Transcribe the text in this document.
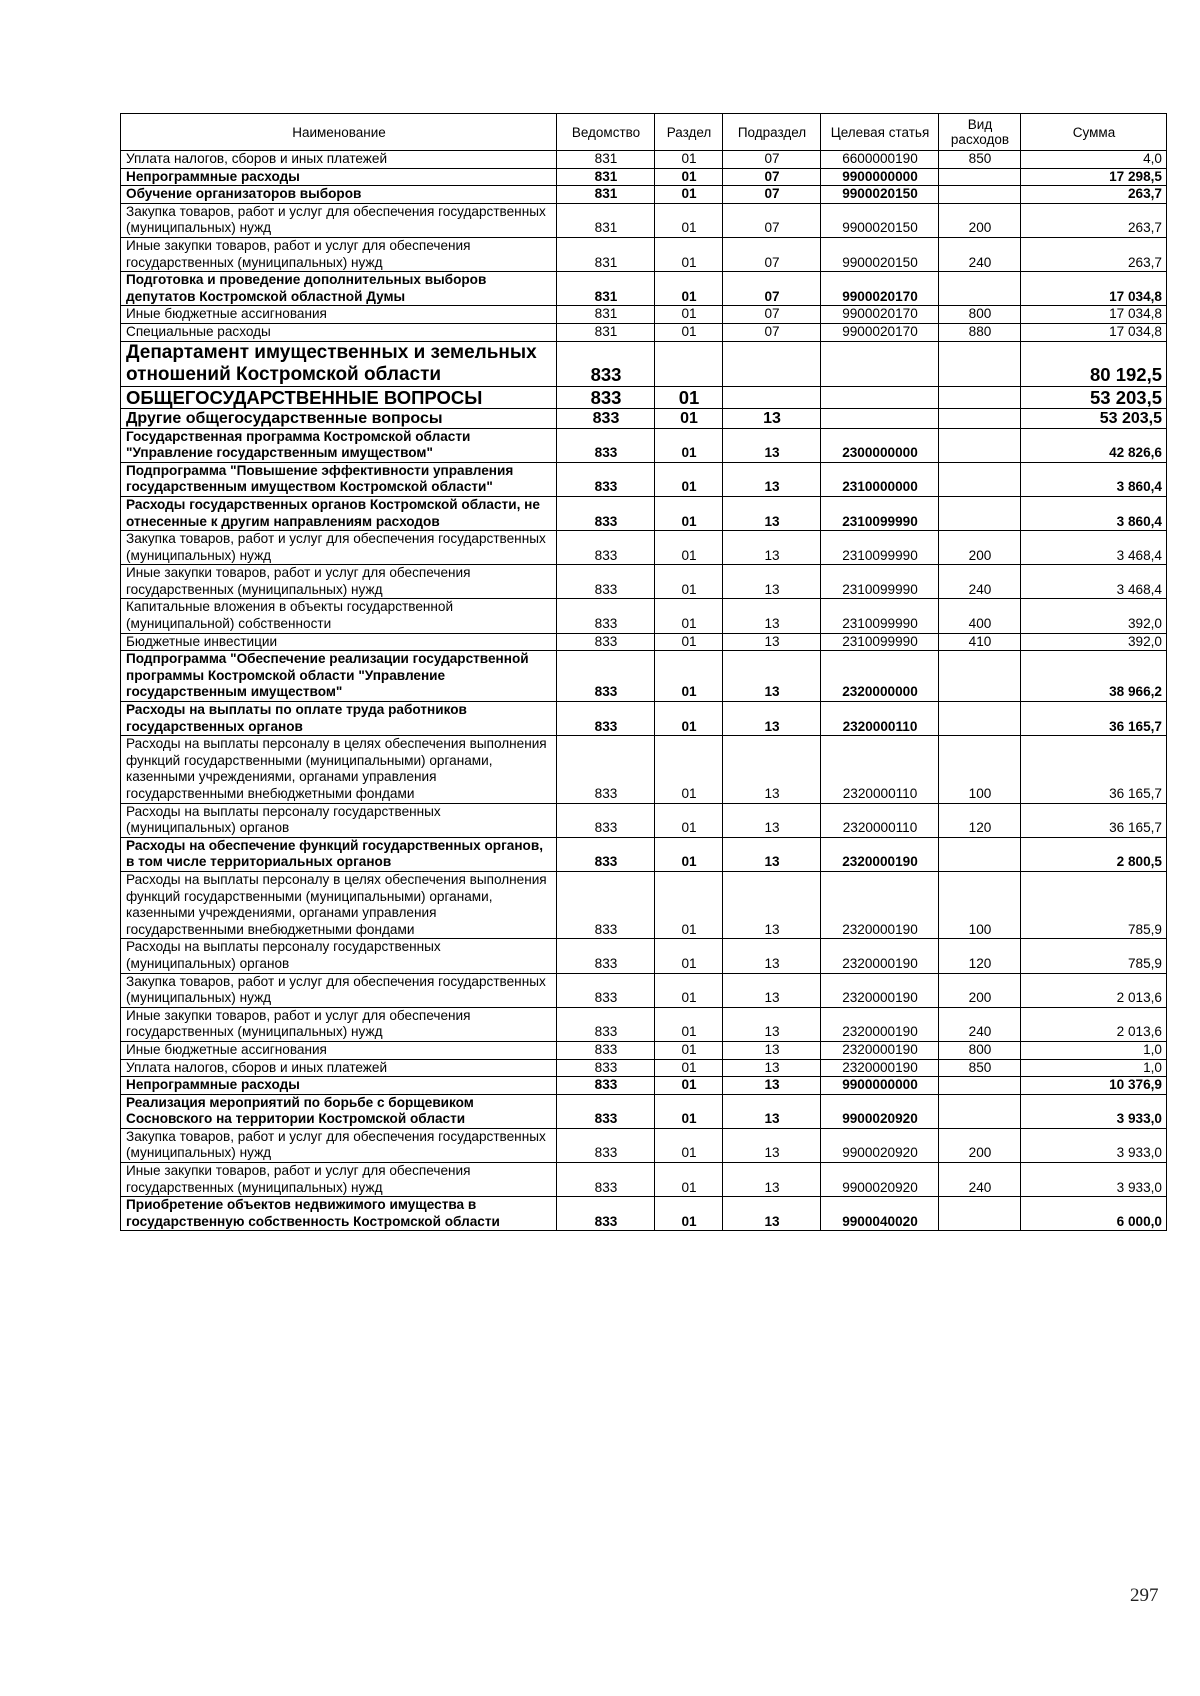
Наименование	Ведомство	Раздел	Подраздел	Целевая статья	Вид расходов	Сумма
Уплата налогов, сборов и иных платежей	831	01	07	6600000190	850	4,0
Непрограммные расходы	831	01	07	9900000000		17 298,5
Обучение организаторов выборов	831	01	07	9900020150		263,7
Закупка товаров, работ и услуг для обеспечения государственных (муниципальных) нужд	831	01	07	9900020150	200	263,7
Иные закупки товаров, работ и услуг для обеспечения государственных (муниципальных) нужд	831	01	07	9900020150	240	263,7
Подготовка и проведение дополнительных выборов депутатов Костромской областной Думы	831	01	07	9900020170		17 034,8
Иные бюджетные ассигнования	831	01	07	9900020170	800	17 034,8
Специальные расходы	831	01	07	9900020170	880	17 034,8
Департамент имущественных и земельных отношений Костромской области	833					80 192,5
ОБЩЕГОСУДАРСТВЕННЫЕ ВОПРОСЫ	833	01				53 203,5
Другие общегосударственные вопросы	833	01	13			53 203,5
Государственная программа Костромской области "Управление государственным имуществом"	833	01	13	2300000000		42 826,6
Подпрограмма "Повышение эффективности управления государственным имуществом Костромской области"	833	01	13	2310000000		3 860,4
Расходы государственных органов Костромской области, не отнесенные к другим направлениям расходов	833	01	13	2310099990		3 860,4
Закупка товаров, работ и услуг для обеспечения государственных (муниципальных) нужд	833	01	13	2310099990	200	3 468,4
Иные закупки товаров, работ и услуг для обеспечения государственных (муниципальных) нужд	833	01	13	2310099990	240	3 468,4
Капитальные вложения в объекты государственной (муниципальной) собственности	833	01	13	2310099990	400	392,0
Бюджетные инвестиции	833	01	13	2310099990	410	392,0
Подпрограмма "Обеспечение реализации государственной программы Костромской области "Управление государственным имуществом"	833	01	13	2320000000		38 966,2
Расходы на выплаты по оплате труда работников государственных органов	833	01	13	2320000110		36 165,7
Расходы на выплаты персоналу в целях обеспечения выполнения функций государственными (муниципальными) органами, казенными учреждениями, органами управления государственными внебюджетными фондами	833	01	13	2320000110	100	36 165,7
Расходы на выплаты персоналу государственных (муниципальных) органов	833	01	13	2320000110	120	36 165,7
Расходы на обеспечение функций государственных органов, в том числе территориальных органов	833	01	13	2320000190		2 800,5
Расходы на выплаты персоналу в целях обеспечения выполнения функций государственными (муниципальными) органами, казенными учреждениями, органами управления государственными внебюджетными фондами	833	01	13	2320000190	100	785,9
Расходы на выплаты персоналу государственных (муниципальных) органов	833	01	13	2320000190	120	785,9
Закупка товаров, работ и услуг для обеспечения государственных (муниципальных) нужд	833	01	13	2320000190	200	2 013,6
Иные закупки товаров, работ и услуг для обеспечения государственных (муниципальных) нужд	833	01	13	2320000190	240	2 013,6
Иные бюджетные ассигнования	833	01	13	2320000190	800	1,0
Уплата налогов, сборов и иных платежей	833	01	13	2320000190	850	1,0
Непрограммные расходы	833	01	13	9900000000		10 376,9
Реализация мероприятий по борьбе с борщевиком Сосновского на территории Костромской области	833	01	13	9900020920		3 933,0
Закупка товаров, работ и услуг для обеспечения государственных (муниципальных) нужд	833	01	13	9900020920	200	3 933,0
Иные закупки товаров, работ и услуг для обеспечения государственных (муниципальных) нужд	833	01	13	9900020920	240	3 933,0
Приобретение объектов недвижимого имущества в государственную собственность Костромской области	833	01	13	9900040020		6 000,0
297
